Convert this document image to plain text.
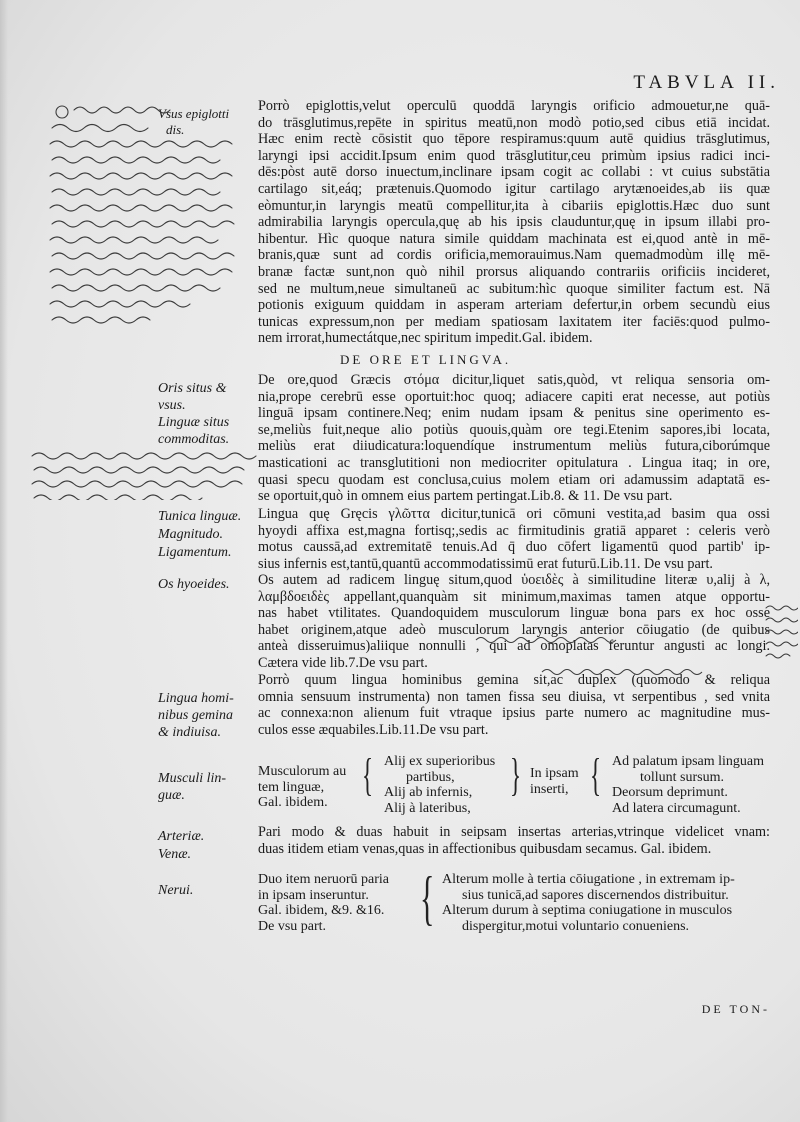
TABVLA II.
Porrò epiglottis,velut operculū quoddā laryngis orificio admouetur,ne quā-
do trāsglutimus,repēte in spiritus meatū,non modò potio,sed cibus etiā incidat.
Hæc enim rectè cōsistit quo tēpore respiramus:quum autē quidius trāsglutimus,
laryngi ipsi accidit.Ipsum enim quod trāsglutitur,ceu primùm ipsius radici inci-
dēs:pòst autē dorso inuectum,inclinare ipsam cogit ac collabi : vt cuius substātia
cartilago sit,eáq; prætenuis.Quomodo igitur cartilago arytænoeides,ab iis quæ
eòmuntur,in laryngis meatū compellitur,ita à cibariis epiglottis.Hæc duo sunt
admirabilia laryngis opercula,quę ab his ipsis clauduntur,quę in ipsum illabi pro-
hibentur. Hìc quoque natura simile quiddam machinata est ei,quod antè in mē-
branis,quæ sunt ad cordis orificia,memorauimus.Nam quemadmodùm illę mē-
branæ factæ sunt,non quò nihil prorsus aliquando contrariis orificiis incideret,
sed ne multum,neue simultaneū ac subitum:hìc quoque similiter factum est. Nā
potionis exiguum quiddam in asperam arteriam defertur,in orbem secundù eius
tunicas expressum,non per mediam spatiosam laxitatem iter faciēs:quod pulmo-
nem irrorat,humectátque,nec spiritum impedit.Gal. ibidem.
DE ORE ET LINGVA.
De ore,quod Græcis στόμα dicitur,liquet satis,quòd, vt reliqua sensoria om-
nia,prope cerebrū esse oportuit:hoc quoq; adiacere capiti erat necesse, aut potiùs
linguā ipsam continere.Neq; enim nudam ipsam & penitus sine operimento es-
se,meliùs fuit,neque alio potiùs quouis,quàm ore tegi.Etenim sapores,ibi locata,
meliùs erat diiudicatura:loquendíque instrumentum meliùs futura,ciborúmque
masticationi ac transglutitioni non mediocriter opitulatura . Lingua itaq; in ore,
quasi specu quodam est conclusa,cuius molem etiam ori adamussim adaptatā es-
se oportuit,quò in omnem eius partem pertingat.Lib.8. & 11. De vsu part.
Lingua quę Gręcis γλῶττα dicitur,tunicā ori cōmuni vestita,ad basim qua ossi
hyoydi affixa est,magna fortisq;,sedis ac firmitudinis gratiā apparet : celeris verò
motus caussā,ad extremitatē tenuis.Ad q̄ duo cōfert ligamentū quod partib' ip-
sius infernis est,tantū,quantū accommodatissimū erat futurū.Lib.11. De vsu part.
Os autem ad radicem linguę situm,quod ὑοειδὲς à similitudine literæ υ,alij à λ,
λαμβδοειδὲς appellant,quanquàm sit minimum,maximas tamen atque opportu-
nas habet vtilitates. Quandoquidem musculorum linguæ bona pars ex hoc osse
habet originem,atque adeò musculorum laryngis anterior cōiugatio (de quibus
anteà disseruimus)aliique nonnulli , qui ad omoplatas feruntur angusti ac longi.
Cætera vide lib.7.De vsu part.
Porrò quum lingua hominibus gemina sit,ac duplex (quomodo & reliqua
omnia sensuum instrumenta) non tamen fissa seu diuisa, vt serpentibus , sed vnita
ac connexa:non alienum fuit vtraque ipsius parte numero ac magnitudine mus-
culos esse æquabiles.Lib.11.De vsu part.
Musculorum au
tem linguæ,
Gal. ibidem.
{ Alij ex superioribus
partibus,
Alij ab infernis,
Alij à lateribus,
} In ipsam
inserti, { Ad palatum ipsam linguam
tollunt sursum.
Deorsum deprimunt.
Ad latera circumagunt.
Pari modo & duas habuit in seipsam insertas arterias,vtrinque videlicet vnam:
duas itidem etiam venas,quas in affectionibus quibusdam secamus. Gal. ibidem.
Duo item neruorū paria
in ipsam inseruntur.
Gal. ibidem, &9. &16.
De vsu part.	{ Alterum molle à tertia cōiugatione , in extremam ip-
sius tunicā,ad sapores discernendos distribuitur.
Alterum durum à septima coniugatione in musculos
dispergitur,motui voluntario conueniens.
DE TON-
Vsus epiglotti
dis.
Oris situs &
vsus.
Linguæ situs
commoditas.
Tunica linguæ.
Magnitudo.
Ligamentum.
Os hyoeides.
Lingua homi-
nibus gemina
& indiuisa.
Musculi lin-
guæ.
Arteriæ.
Venæ.
Nerui.
